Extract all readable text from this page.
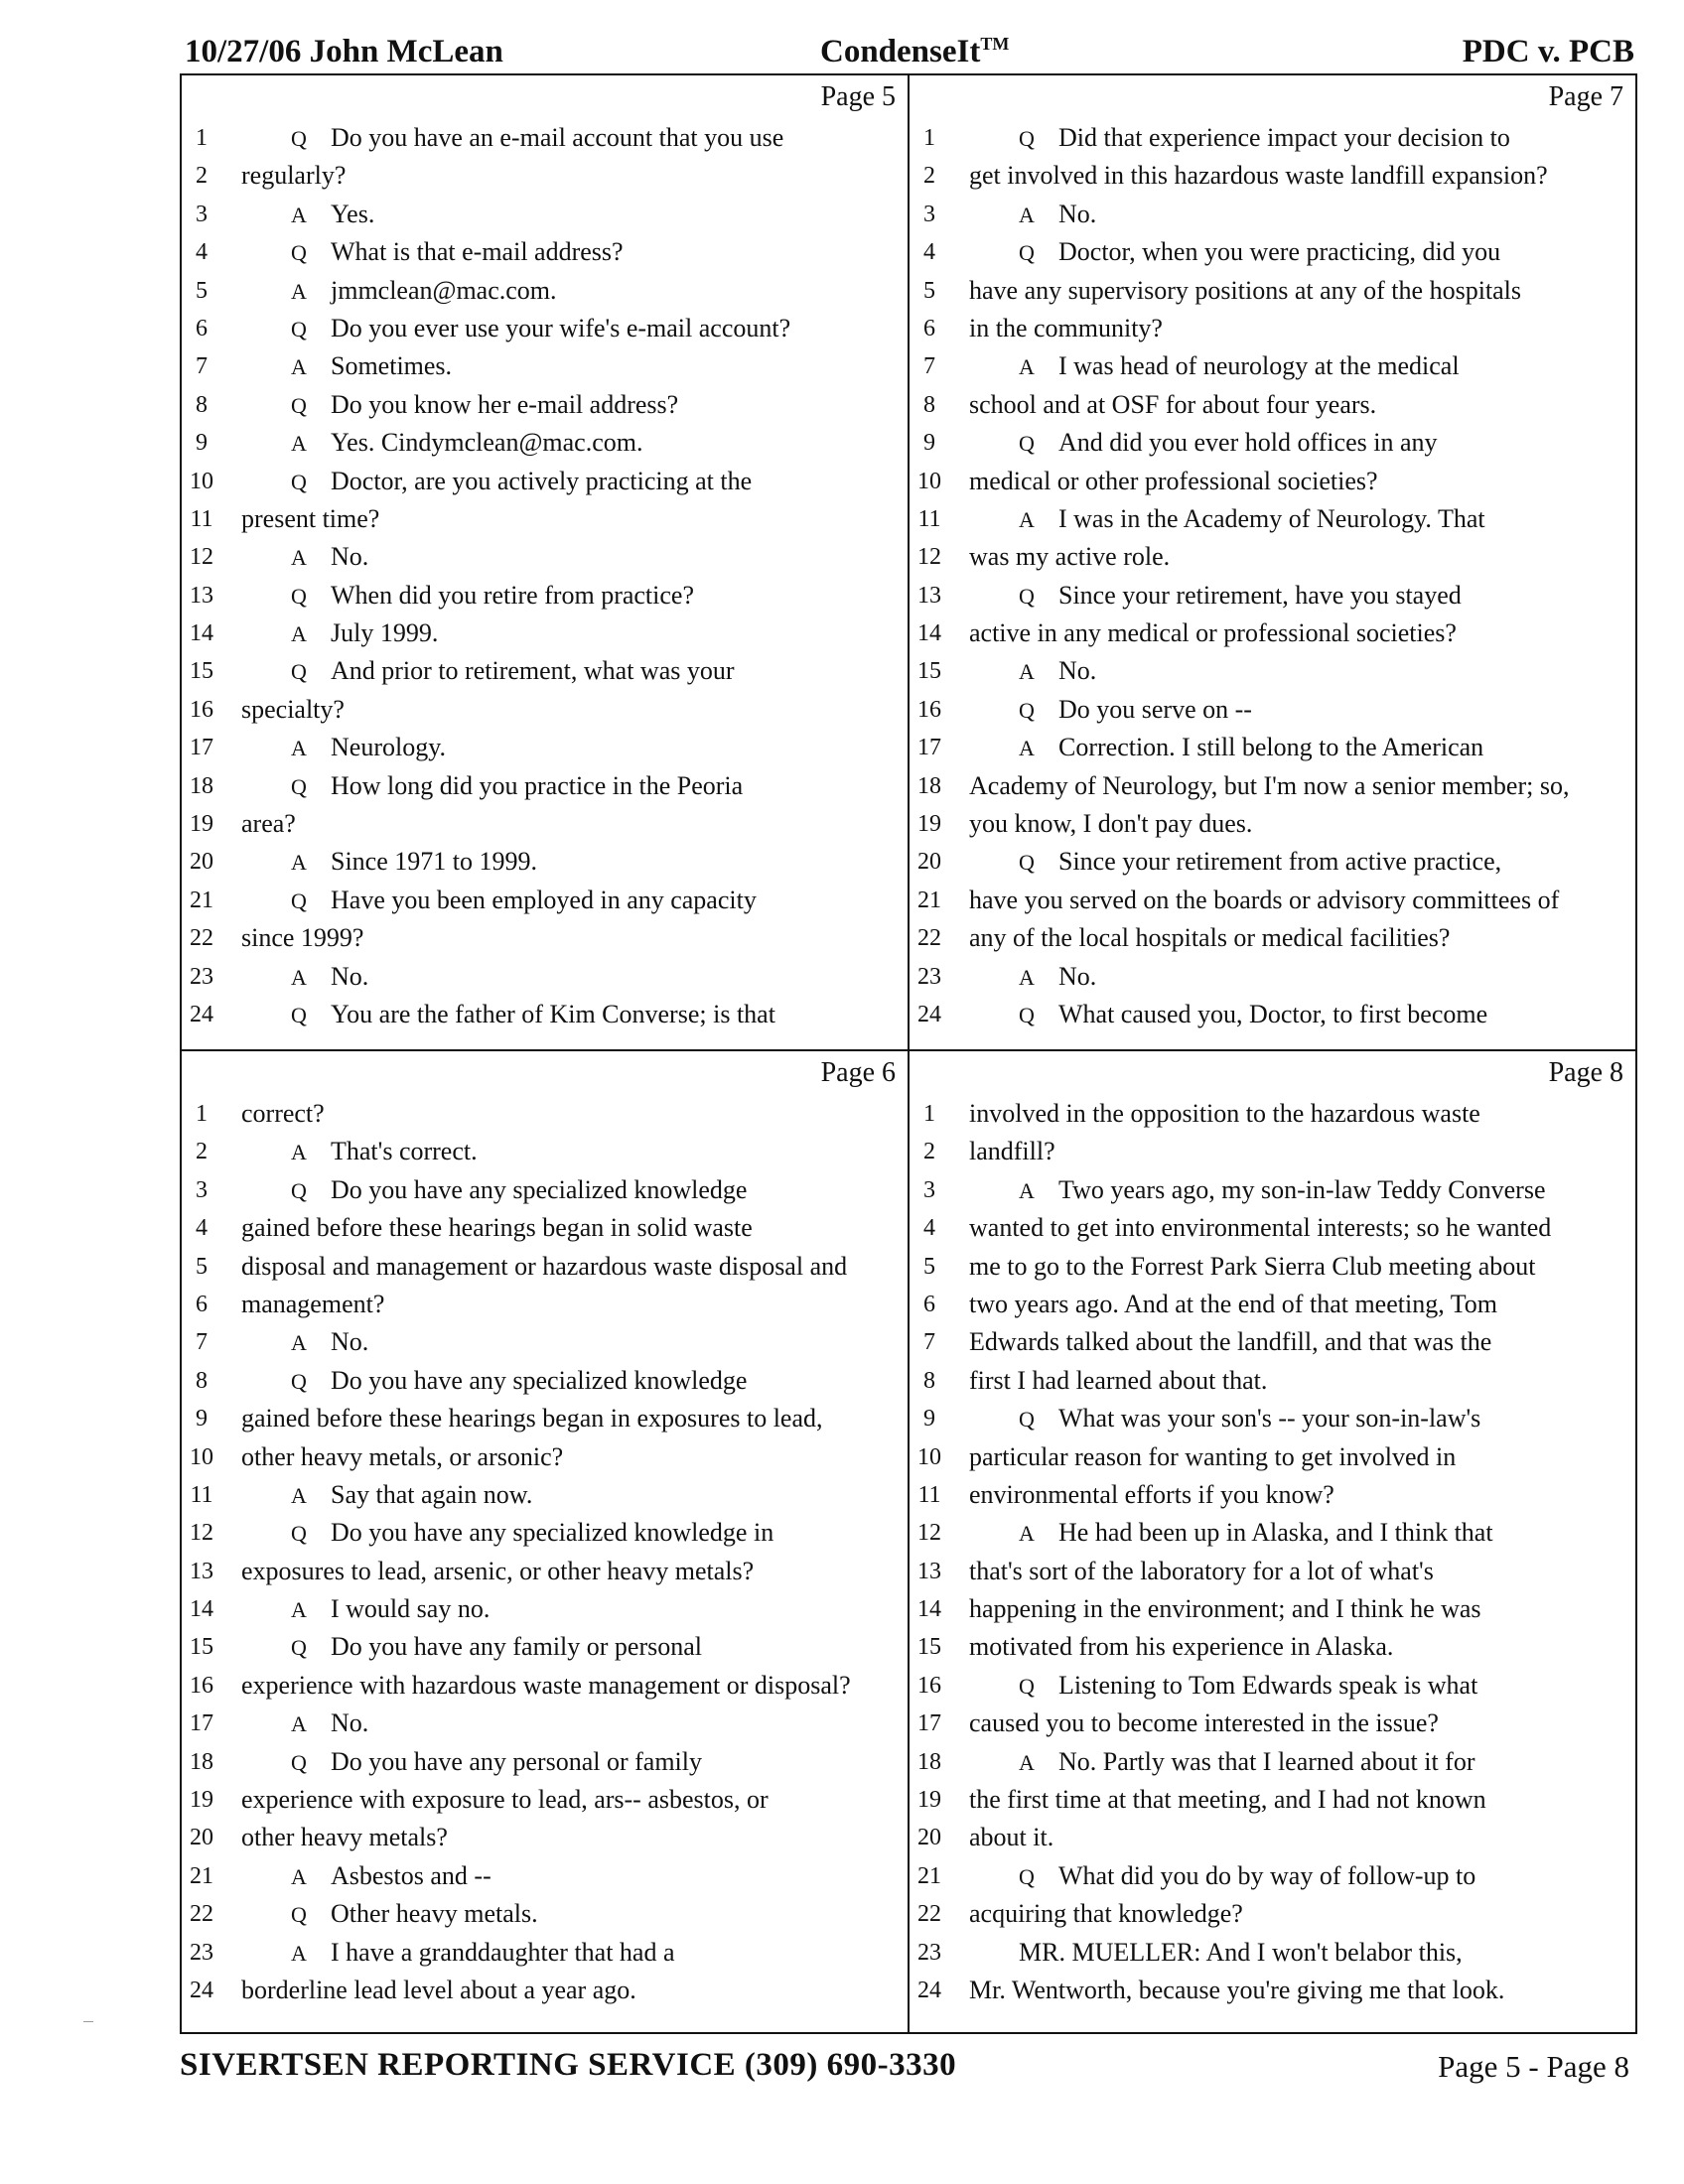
10/27/06 John McLean	CondenseIt™	PDC v. PCB
Page 5
1	Q Do you have an e-mail account that you use
2	regularly?
3	A Yes.
4	Q What is that e-mail address?
5	A jmmclean@mac.com.
6	Q Do you ever use your wife's e-mail account?
7	A Sometimes.
8	Q Do you know her e-mail address?
9	A Yes. Cindymclean@mac.com.
10	Q Doctor, are you actively practicing at the
11	present time?
12	A No.
13	Q When did you retire from practice?
14	A July 1999.
15	Q And prior to retirement, what was your
16	specialty?
17	A Neurology.
18	Q How long did you practice in the Peoria
19	area?
20	A Since 1971 to 1999.
21	Q Have you been employed in any capacity
22	since 1999?
23	A No.
24	Q You are the father of Kim Converse; is that
Page 7
1	Q Did that experience impact your decision to
2	get involved in this hazardous waste landfill expansion?
3	A No.
4	Q Doctor, when you were practicing, did you
5	have any supervisory positions at any of the hospitals
6	in the community?
7	A I was head of neurology at the medical
8	school and at OSF for about four years.
9	Q And did you ever hold offices in any
10	medical or other professional societies?
11	A I was in the Academy of Neurology. That
12	was my active role.
13	Q Since your retirement, have you stayed
14	active in any medical or professional societies?
15	A No.
16	Q Do you serve on --
17	A Correction. I still belong to the American
18	Academy of Neurology, but I'm now a senior member; so,
19	you know, I don't pay dues.
20	Q Since your retirement from active practice,
21	have you served on the boards or advisory committees of
22	any of the local hospitals or medical facilities?
23	A No.
24	Q What caused you, Doctor, to first become
Page 6
1	correct?
2	A That's correct.
3	Q Do you have any specialized knowledge
4	gained before these hearings began in solid waste
5	disposal and management or hazardous waste disposal and
6	management?
7	A No.
8	Q Do you have any specialized knowledge
9	gained before these hearings began in exposures to lead,
10	other heavy metals, or arsonic?
11	A Say that again now.
12	Q Do you have any specialized knowledge in
13	exposures to lead, arsenic, or other heavy metals?
14	A I would say no.
15	Q Do you have any family or personal
16	experience with hazardous waste management or disposal?
17	A No.
18	Q Do you have any personal or family
19	experience with exposure to lead, ars-- asbestos, or
20	other heavy metals?
21	A Asbestos and --
22	Q Other heavy metals.
23	A I have a granddaughter that had a
24	borderline lead level about a year ago.
Page 8
1	involved in the opposition to the hazardous waste
2	landfill?
3	A Two years ago, my son-in-law Teddy Converse
4	wanted to get into environmental interests; so he wanted
5	me to go to the Forrest Park Sierra Club meeting about
6	two years ago. And at the end of that meeting, Tom
7	Edwards talked about the landfill, and that was the
8	first I had learned about that.
9	Q What was your son's -- your son-in-law's
10	particular reason for wanting to get involved in
11	environmental efforts if you know?
12	A He had been up in Alaska, and I think that
13	that's sort of the laboratory for a lot of what's
14	happening in the environment; and I think he was
15	motivated from his experience in Alaska.
16	Q Listening to Tom Edwards speak is what
17	caused you to become interested in the issue?
18	A No. Partly was that I learned about it for
19	the first time at that meeting, and I had not known
20	about it.
21	Q What did you do by way of follow-up to
22	acquiring that knowledge?
23	MR. MUELLER: And I won't belabor this,
24	Mr. Wentworth, because you're giving me that look.
SIVERTSEN REPORTING SERVICE (309) 690-3330	Page 5 - Page 8
